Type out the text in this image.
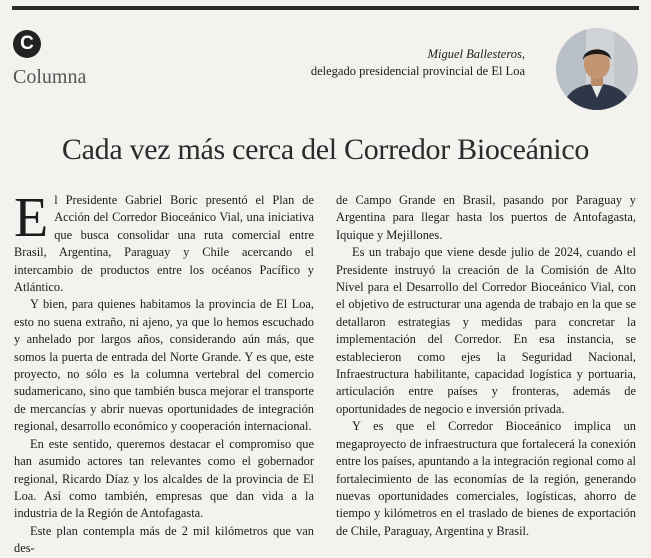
C
Columna
Miguel Ballesteros,
delegado presidencial provincial de El Loa
Cada vez más cerca del Corredor Bioceánico

El Presidente Gabriel Boric presentó el Plan de Acción del Corredor Bioceánico Vial, una iniciativa que busca consolidar una ruta comercial entre Brasil, Argentina, Paraguay y Chile acercando el intercambio de productos entre los océanos Pacífico y Atlántico.

Y bien, para quienes habitamos la provincia de El Loa, esto no suena extraño, ni ajeno, ya que lo hemos escuchado y anhelado por largos años, considerando aún más, que somos la puerta de entrada del Norte Grande. Y es que, este proyecto, no sólo es la columna vertebral del comercio sudamericano, sino que también busca mejorar el transporte de mercancías y abrir nuevas oportunidades de integración regional, desarrollo económico y cooperación internacional.

En este sentido, queremos destacar el compromiso que han asumido actores tan relevantes como el gobernador regional, Ricardo Díaz y los alcaldes de la provincia de El Loa. Así como también, empresas que dan vida a la industria de la Región de Antofagasta.

Este plan contempla más de 2 mil kilómetros que van des-

de Campo Grande en Brasil, pasando por Paraguay y Argentina para llegar hasta los puertos de Antofagasta, Iquique y Mejillones.

Es un trabajo que viene desde julio de 2024, cuando el Presidente instruyó la creación de la Comisión de Alto Nivel para el Desarrollo del Corredor Bioceánico Vial, con el objetivo de estructurar una agenda de trabajo en la que se detallaron estrategias y medidas para concretar la implementación del Corredor. En esa instancia, se establecieron como ejes la Seguridad Nacional, Infraestructura habilitante, capacidad logística y portuaria, articulación entre países y fronteras, además de oportunidades de negocio e inversión privada.

Y es que el Corredor Bioceánico implica un megaproyecto de infraestructura que fortalecerá la conexión entre los países, apuntando a la integración regional como al fortalecimiento de las economías de la región, generando nuevas oportunidades comerciales, logísticas, ahorro de tiempo y kilómetros en el traslado de bienes de exportación de Chile, Paraguay, Argentina y Brasil.
